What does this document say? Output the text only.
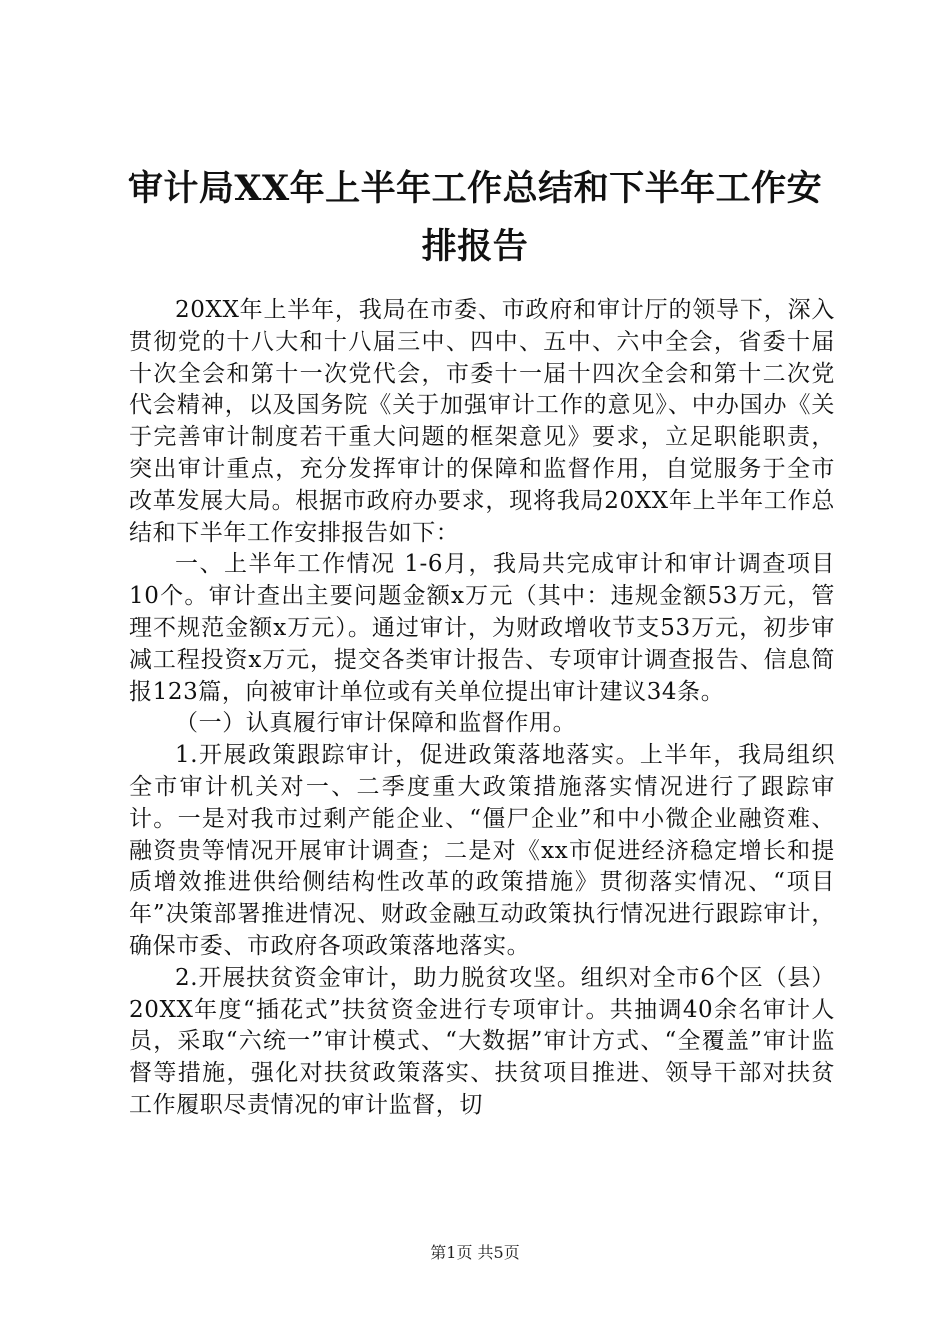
审计局XX年上半年工作总结和下半年工作安排报告

20XX年上半年，我局在市委、市政府和审计厅的领导下，深入贯彻党的十八大和十八届三中、四中、五中、六中全会，省委十届十次全会和第十一次党代会，市委十一届十四次全会和第十二次党代会精神，以及国务院《关于加强审计工作的意见》、中办国办《关于完善审计制度若干重大问题的框架意见》要求，立足职能职责，突出审计重点，充分发挥审计的保障和监督作用，自觉服务于全市改革发展大局。根据市政府办要求，现将我局20XX年上半年工作总结和下半年工作安排报告如下：

一、上半年工作情况 1-6月，我局共完成审计和审计调查项目10个。审计查出主要问题金额x万元（其中：违规金额53万元，管理不规范金额x万元）。通过审计，为财政增收节支53万元，初步审减工程投资x万元，提交各类审计报告、专项审计调查报告、信息简报123篇，向被审计单位或有关单位提出审计建议34条。

（一）认真履行审计保障和监督作用。

1.开展政策跟踪审计，促进政策落地落实。上半年，我局组织全市审计机关对一、二季度重大政策措施落实情况进行了跟踪审计。一是对我市过剩产能企业、“僵尸企业”和中小微企业融资难、融资贵等情况开展审计调查；二是对《xx市促进经济稳定增长和提质增效推进供给侧结构性改革的政策措施》贯彻落实情况、“项目年”决策部署推进情况、财政金融互动政策执行情况进行跟踪审计，确保市委、市政府各项政策落地落实。

2.开展扶贫资金审计，助力脱贫攻坚。组织对全市6个区（县）20XX年度“插花式”扶贫资金进行专项审计。共抽调40余名审计人员，采取“六统一”审计模式、“大数据”审计方式、“全覆盖”审计监督等措施，强化对扶贫政策落实、扶贫项目推进、领导干部对扶贫工作履职尽责情况的审计监督，切

第1页 共5页
